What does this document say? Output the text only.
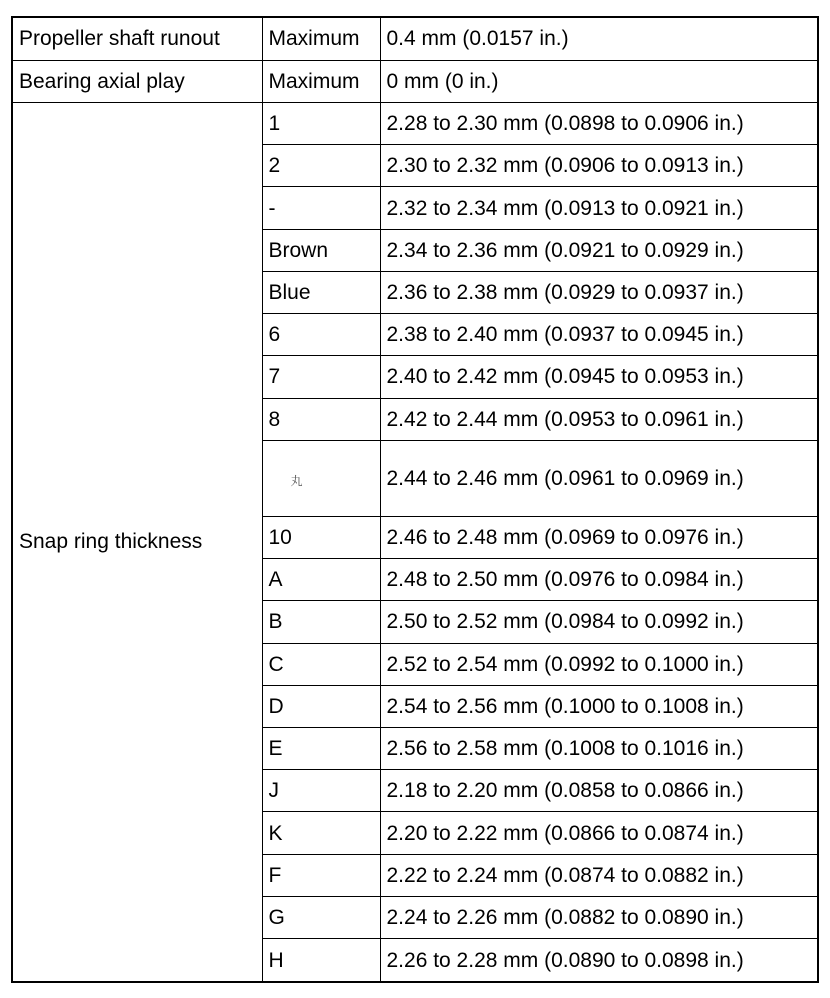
Propeller shaft runout	Maximum	0.4 mm (0.0157 in.)
Bearing axial play	Maximum	0 mm (0 in.)
Snap ring thickness	1	2.28 to 2.30 mm (0.0898 to 0.0906 in.)
	2	2.30 to 2.32 mm (0.0906 to 0.0913 in.)
	-	2.32 to 2.34 mm (0.0913 to 0.0921 in.)
	Brown	2.34 to 2.36 mm (0.0921 to 0.0929 in.)
	Blue	2.36 to 2.38 mm (0.0929 to 0.0937 in.)
	6	2.38 to 2.40 mm (0.0937 to 0.0945 in.)
	7	2.40 to 2.42 mm (0.0945 to 0.0953 in.)
	8	2.42 to 2.44 mm (0.0953 to 0.0961 in.)
	丸	2.44 to 2.46 mm (0.0961 to 0.0969 in.)
	10	2.46 to 2.48 mm (0.0969 to 0.0976 in.)
	A	2.48 to 2.50 mm (0.0976 to 0.0984 in.)
	B	2.50 to 2.52 mm (0.0984 to 0.0992 in.)
	C	2.52 to 2.54 mm (0.0992 to 0.1000 in.)
	D	2.54 to 2.56 mm (0.1000 to 0.1008 in.)
	E	2.56 to 2.58 mm (0.1008 to 0.1016 in.)
	J	2.18 to 2.20 mm (0.0858 to 0.0866 in.)
	K	2.20 to 2.22 mm (0.0866 to 0.0874 in.)
	F	2.22 to 2.24 mm (0.0874 to 0.0882 in.)
	G	2.24 to 2.26 mm (0.0882 to 0.0890 in.)
	H	2.26 to 2.28 mm (0.0890 to 0.0898 in.)
